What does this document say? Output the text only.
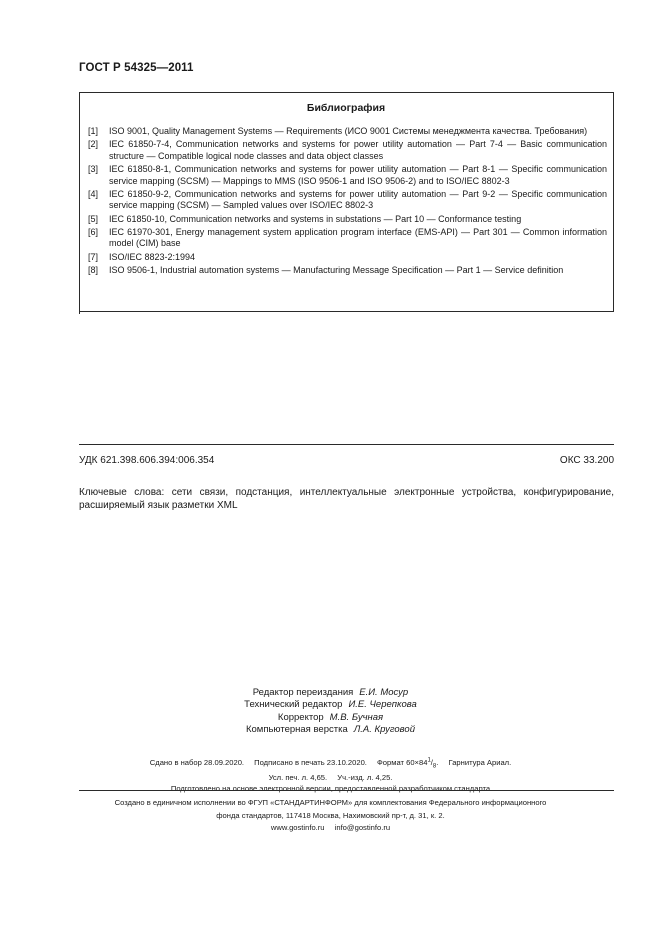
ГОСТ Р 54325—2011
Библиография
[1]	ISO 9001, Quality Management Systems — Requirements (ИСО 9001 Системы менеджмента качества. Требования)
[2]	IEC 61850-7-4, Communication networks and systems for power utility automation — Part 7-4 — Basic communication structure — Compatible logical node classes and data object classes
[3]	IEC 61850-8-1, Communication networks and systems for power utility automation — Part 8-1 — Specific communication service mapping (SCSM) — Mappings to MMS (ISO 9506-1 and ISO 9506-2) and to ISO/IEC 8802-3
[4]	IEC 61850-9-2, Communication networks and systems for power utility automation — Part 9-2 — Specific communication service mapping (SCSM) — Sampled values over ISO/IEC 8802-3
[5]	IEC 61850-10, Communication networks and systems in substations — Part 10 — Conformance testing
[6]	IEC 61970-301, Energy management system application program interface (EMS-API) — Part 301 — Common information model (CIM) base
[7]	ISO/IEC 8823-2:1994
[8]	ISO 9506-1, Industrial automation systems — Manufacturing Message Specification — Part 1 — Service definition
УДК 621.398.606.394:006.354	ОКС 33.200
Ключевые слова: сети связи, подстанция, интеллектуальные электронные устройства, конфигурирование, расширяемый язык разметки XML
Редактор переиздания Е.И. Мосур
Технический редактор И.Е. Черепкова
Корректор М.В. Бучная
Компьютерная верстка Л.А. Круговой
Сдано в набор 28.09.2020. Подписано в печать 23.10.2020. Формат $60\times 84^1/_8$. Гарнитура Ариал.
Усл. печ. л. 4,65. Уч.-изд. л. 4,25.
Подготовлено на основе электронной версии, предоставленной разработчиком стандарта
Создано в единичном исполнении во ФГУП «СТАНДАРТИНФОРМ» для комплектования Федерального информационного
фонда стандартов, 117418 Москва, Нахимовский пр-т, д. 31, к. 2.
www.gostinfo.ru info@gostinfo.ru
